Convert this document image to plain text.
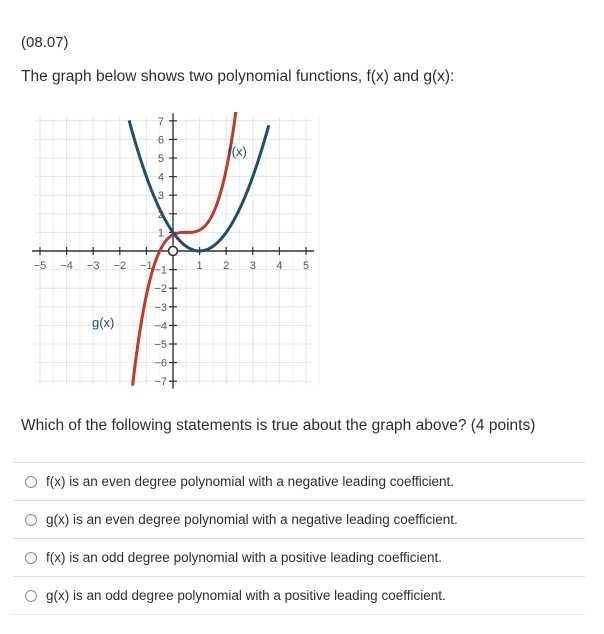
(08.07)
The graph below shows two polynomial functions, f(x) and g(x):
−5 −4 −3 −2 −1	1 2 3 4 5
7
6
5
4
3
2
1
−1
−2
−3
−4
−5
−6
−7
f(x)
g(x)
Which of the following statements is true about the graph above? (4 points)
f(x) is an even degree polynomial with a negative leading coefficient.
g(x) is an even degree polynomial with a negative leading coefficient.
f(x) is an odd degree polynomial with a positive leading coefficient.
g(x) is an odd degree polynomial with a positive leading coefficient.
